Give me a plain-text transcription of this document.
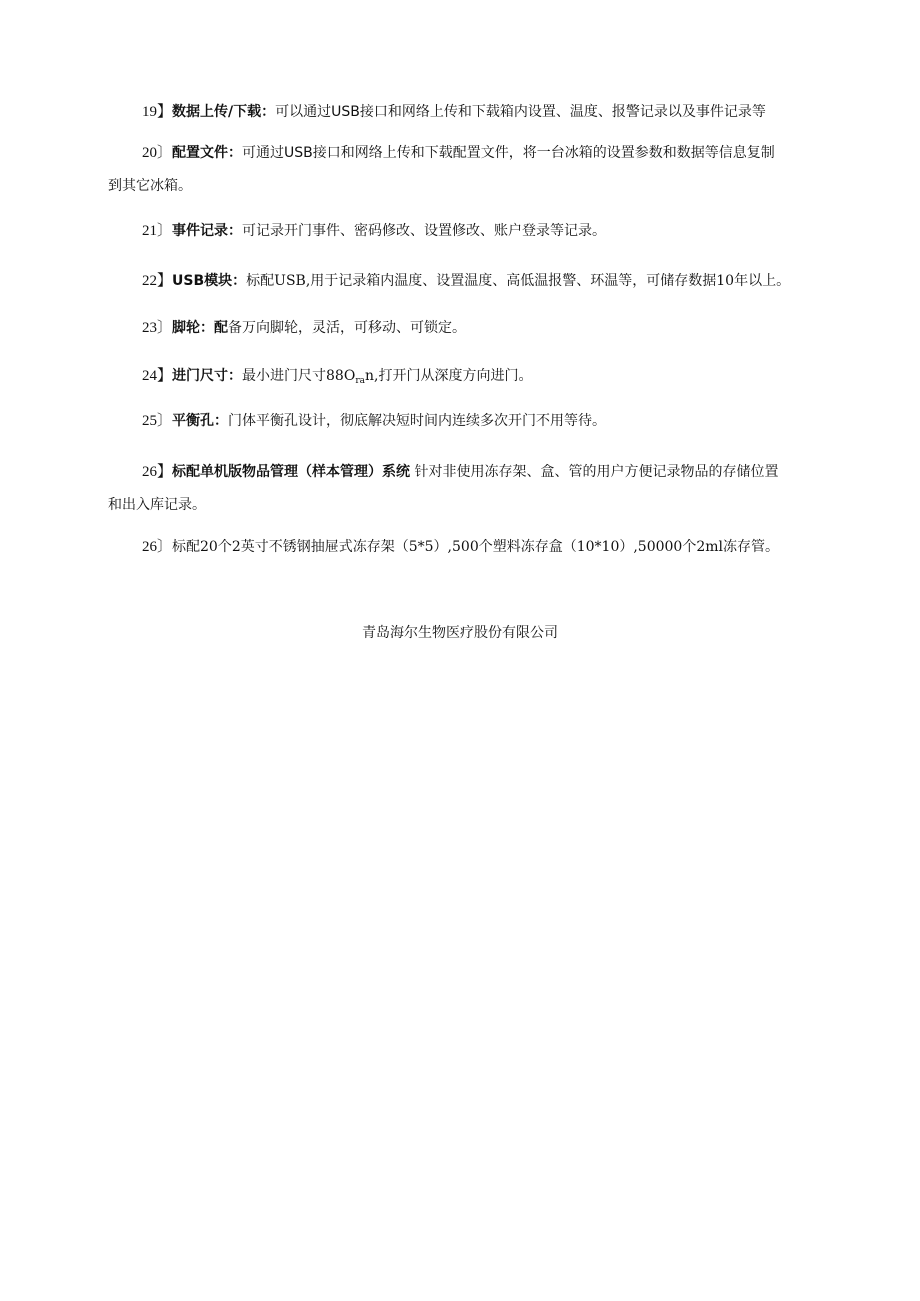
19】数据上传/下载：可以通过USB接口和网络上传和下载箱内设置、温度、报警记录以及事件记录等
20〕配置文件：可通过USB接口和网络上传和下载配置文件，将一台冰箱的设置参数和数据等信息复制
到其它冰箱。
21〕事件记录：可记录开门事件、密码修改、设置修改、账户登录等记录。
22】USB模块：标配USB,用于记录箱内温度、设置温度、高低温报警、环温等，可储存数据10年以上。
23〕脚轮：配备万向脚轮，灵活，可移动、可锁定。
24】进门尺寸：最小进门尺寸$88O_{ra}n$,打开门从深度方向进门。
25〕平衡孔：门体平衡孔设计，彻底解决短时间内连续多次开门不用等待。
26】标配单机版物品管理（样本管理）系统 针对非使用冻存架、盒、管的用户方便记录物品的存储位置
和出入库记录。
26〕标配20个2英寸不锈钢抽屉式冻存架（5*5）,500个塑料冻存盒（10*10）,50000个2ml冻存管。
青岛海尔生物医疗股份有限公司
